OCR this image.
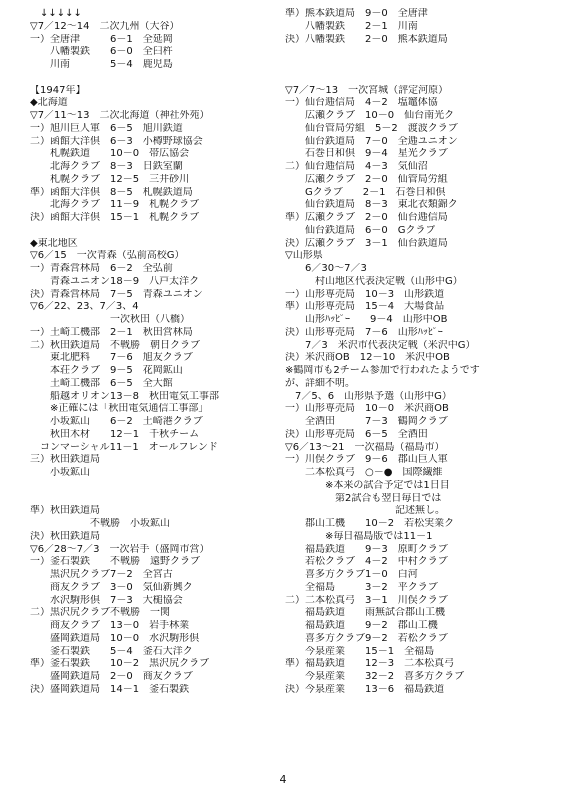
　↓↓↓↓↓
▽7／12～14　二次九州（大谷）
一）全唐津　　　6－1　全延岡
　　八幡製鉄　　6－0　全臼杵
　　川南　　　　5－4　鹿児島
【1947年】
◆北海道
▽7／11～13　二次北海道（神社外苑）
一）旭川巨人軍　6－5　旭川鉄道
二）函館大洋倶　6－3　小樽野球協会
　　札幌鉄道　　10－0　帯広協会
　　北海クラブ　8－3　日鉄室蘭
　　札幌クラブ　12－5　三井砂川
準）函館大洋倶　8－5　札幌鉄道局
　　北海クラブ　11－9　札幌クラブ
決）函館大洋倶　15－1　札幌クラブ
◆東北地区
▽6／15　一次青森（弘前高校G）
一）青森営林局　6－2　全弘前
　　青森ユニオン18－9　八戸太洋ク
決）青森営林局　7－5　青森ユニオン
▽6／22、23、7／3、4
　　　　　　　　一次秋田（八橋）
一）土崎工機部　2－1　秋田営林局
二）秋田鉄道局　不戦勝　朝日クラブ
　　東北肥料　　7－6　旭友クラブ
　　本荘クラブ　9－5　花岡鉱山
　　土崎工機部　6－5　全大館
　　船越オリオン13－8　秋田電気工事部
　　※正確には「秋田電気通信工事部」
　　小坂鉱山　　6－2　土崎港クラブ
　　秋田木材　　12－1　千秋チーム
　コンマーシャル11－1　オールフレンド
三）秋田鉄道局
　　小坂鉱山
準）秋田鉄道局
　　　　　　不戦勝　小坂鉱山
決）秋田鉄道局
▽6／28～7／3　一次岩手（盛岡市営）
一）釜石製鉄　　不戦勝　遠野クラブ
　　黒沢尻クラブ7－2　全宮古
　　商友クラブ　3－0　気仙新興ク
　　水沢駒形倶　7－3　大槌協会
二）黒沢尻クラブ不戦勝　一関
　　商友クラブ　13－0　岩手林業
　　盛岡鉄道局　10－0　水沢駒形倶
　　釜石製鉄　　5－4　釜石大洋ク
準）釜石製鉄　　10－2　黒沢尻クラブ
　　盛岡鉄道局　2－0　商友クラブ
決）盛岡鉄道局　14－1　釜石製鉄
準）熊本鉄道局　9－0　全唐津
　　八幡製鉄　　2－1　川南
決）八幡製鉄　　2－0　熊本鉄道局
▽7／7～13　一次宮城（評定河原）
一）仙台逓信局　4－2　塩竈体協
　　広瀬クラブ　10－0　仙台南光ク
　　仙台管局労組　5－2　渡波クラブ
　　仙台鉄道局　7－0　全逓ユニオン
　　石巻日和倶　9－4　星光クラブ
二）仙台逓信局　4－3　気仙沼
　　広瀬クラブ　2－0　仙管局労組
　　Gクラブ　　2－1　石巻日和倶
　　仙台鉄道局　8－3　東北衣類錦ク
準）広瀬クラブ　2－0　仙台逓信局
　　仙台鉄道局　6－0　Gクラブ
決）広瀬クラブ　3－1　仙台鉄道局
▽山形県
　　6／30～7／3
　　　村山地区代表決定戦（山形中G）
一）山形専売局　10－3　山形鉄道
準）山形専売局　15－4　大場食品
　　山形ﾊｯﾋﾟｰ　　9－4　山形中OB
決）山形専売局　7－6　山形ﾊｯﾋﾟｰ
　　7／3　米沢市代表決定戦（米沢中G）
決）米沢商OB　12－10　米沢中OB
※鶴岡市も2チーム参加で行われたようです
が、詳細不明。
　7／5、6　山形県予選（山形中G）
一）山形専売局　10－0　米沢商OB
　　全酒田　　　7－3　鶴岡クラブ
決）山形専売局　6－5　全酒田
▽6／13～21　一次福島（福島市）
一）川俣クラブ　9－6　郡山巨人軍
　　二本松真弓　○－●　国際繊維
　　　　※本来の試合予定では1日目
　　　　　第2試合も翌日毎日では
　　　　　　　　　　　記述無し。
　　郡山工機　　10－2　若松実業ク
　　　　※毎日福島版では11－1
　　福島鉄道　　9－3　原町クラブ
　　若松クラブ　4－2　中村クラブ
　　喜多方クラブ1－0　白河
　　全福島　　　3－2　平クラブ
二）二本松真弓　3－1　川俣クラブ
　　福島鉄道　　雨無試合郡山工機
　　福島鉄道　　9－2　郡山工機
　　喜多方クラブ9－2　若松クラブ
　　今泉産業　　15－1　全福島
準）福島鉄道　　12－3　二本松真弓
　　今泉産業　　32－2　喜多方クラブ
決）今泉産業　　13－6　福島鉄道
4
